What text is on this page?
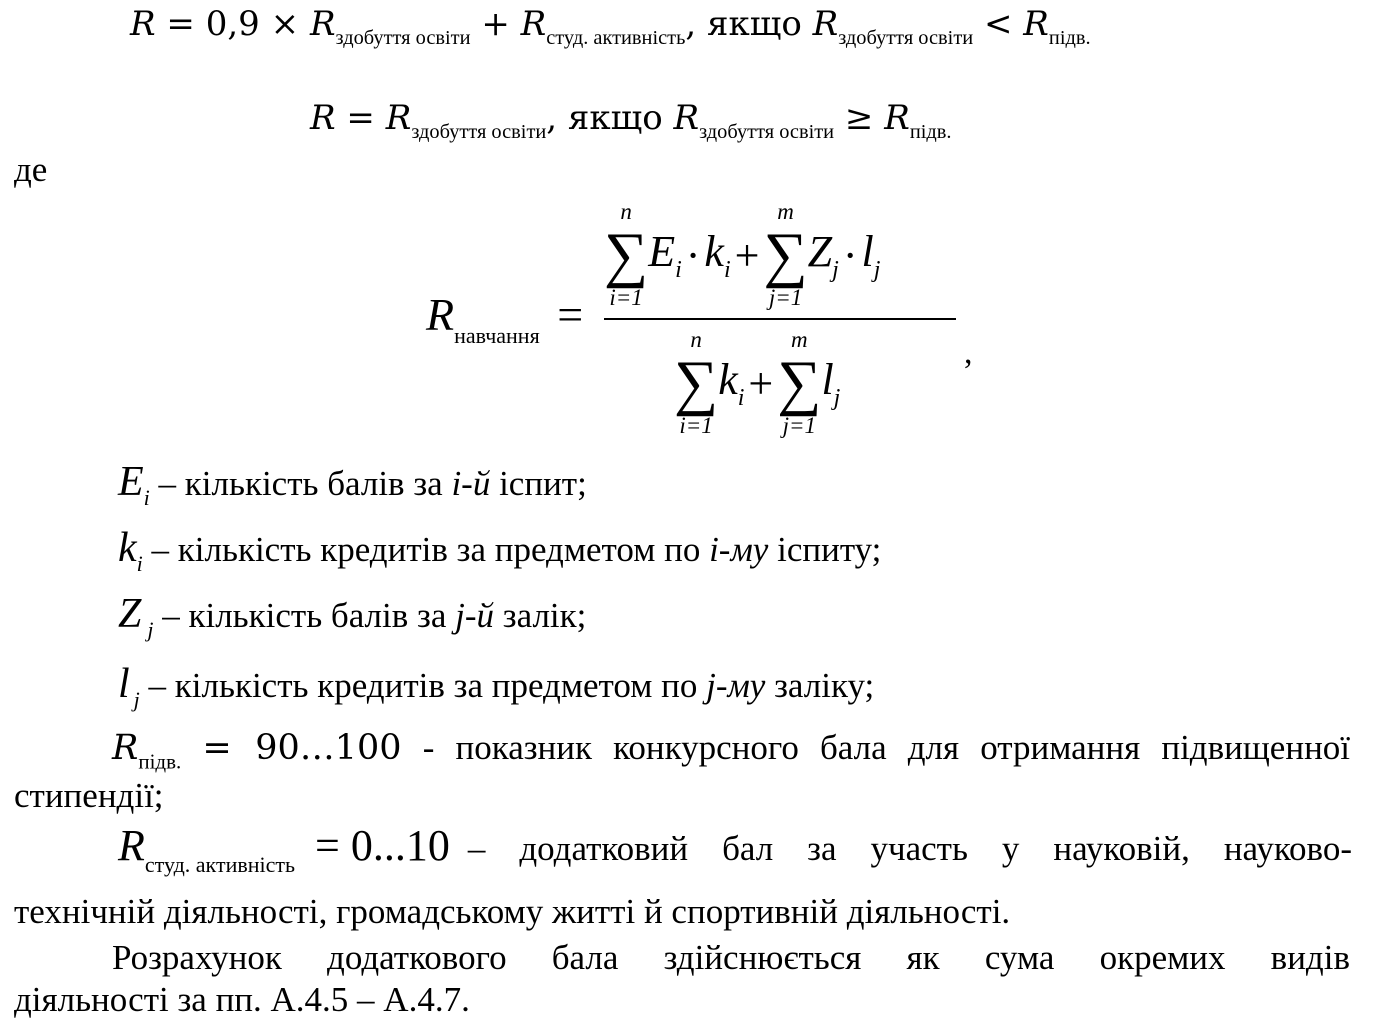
$R = 0,9 \times R_{здобуття освіти} + R_{студ. активність}$, якщо $R_{здобуття освіти} < R_{підв.}$
$R = R_{здобуття освіти}$, якщо $R_{здобуття освіти} \ge R_{підв.}$
де
$R_{навчання}$ =
n
∑
i=1
$E_i \cdot k_i$ +
m
∑
j=1
$Z_j \cdot l_j$
n
∑
i=1
$k_i$ +
m
∑
j=1
$l_j$
,
$E_i$ – кількість балів за i-й іспит;
$k_i$ – кількість кредитів за предметом по i-му іспиту;
Z $_j$ – кількість балів за j-й залік;
l $_j$ – кількість кредитів за предметом по j-му заліку;
$R_{підв.}$ = 90…100 - показник конкурсного бала для отримання підвищенної
стипендії;
$R_{студ. активність} = 0...10$ – додатковий бал за участь у науковій, науково-
технічній діяльності, громадському житті й спортивній діяльності.
Розрахунок додаткового бала здійснюється як сума окремих видів
діяльності за пп. А.4.5 – А.4.7.
